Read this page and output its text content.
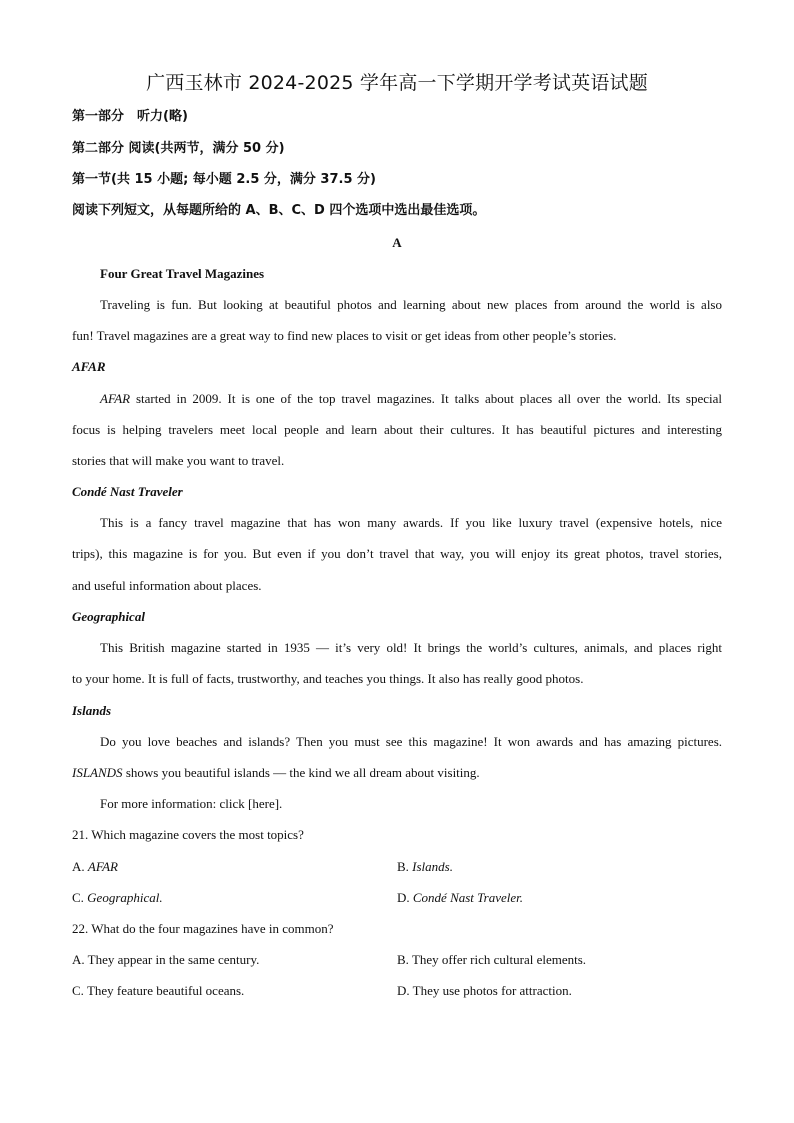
广西玉林市 2024-2025 学年高一下学期开学考试英语试题
第一部分　听力(略)
第二部分 阅读(共两节，满分 50 分)
第一节(共 15 小题; 每小题 2.5 分，满分 37.5 分)
阅读下列短文，从每题所给的 A、B、C、D 四个选项中选出最佳选项。
A
Four Great Travel Magazines
Traveling is fun. But looking at beautiful photos and learning about new places from around the world is also
fun! Travel magazines are a great way to find new places to visit or get ideas from other people’s stories.
AFAR
AFAR started in 2009. It is one of the top travel magazines. It talks about places all over the world. Its special
focus is helping travelers meet local people and learn about their cultures. It has beautiful pictures and interesting
stories that will make you want to travel.
Condé Nast Traveler
This is a fancy travel magazine that has won many awards. If you like luxury travel (expensive hotels, nice
trips), this magazine is for you. But even if you don’t travel that way, you will enjoy its great photos, travel stories,
and useful information about places.
Geographical
This British magazine started in 1935 — it’s very old! It brings the world’s cultures, animals, and places right
to your home. It is full of facts, trustworthy, and teaches you things. It also has really good photos.
Islands
Do you love beaches and islands? Then you must see this magazine! It won awards and has amazing pictures.
ISLANDS shows you beautiful islands — the kind we all dream about visiting.
For more information: click [here].
21. Which magazine covers the most topics?
A. AFAR	B. Islands.
C. Geographical.	D. Condé Nast Traveler.
22. What do the four magazines have in common?
A. They appear in the same century.	B. They offer rich cultural elements.
C. They feature beautiful oceans.	D. They use photos for attraction.
